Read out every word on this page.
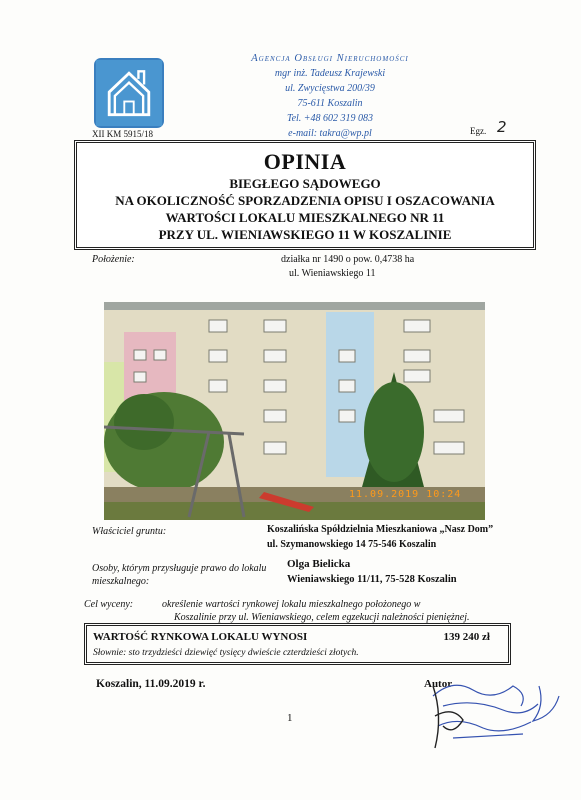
XII KM 5915/18
Agencja Obsługi Nieruchomości
mgr inż. Tadeusz Krajewski
ul. Zwycięstwa 200/39
75-611 Koszalin
Tel. +48 602 319 083
e-mail: takra@wp.pl	Egz. 2
OPINIA
BIEGŁEGO SĄDOWEGO
NA OKOLICZNOŚĆ SPORZADZENIA OPISU I OSZACOWANIA
WARTOŚCI LOKALU MIESZKALNEGO NR 11
PRZY UL. WIENIAWSKIEGO 11 W KOSZALINIE
Położenie:	działka nr 1490 o pow. 0,4738 ha
ul. Wieniawskiego 11
11.09.2019 10:24
Właściciel gruntu:	Koszalińska Spółdzielnia Mieszkaniowa „Nasz Dom”
ul. Szymanowskiego 14 75-546 Koszalin
Osoby, którym przysługuje prawo do lokalu
mieszkalnego:
Olga Bielicka
Wieniawskiego 11/11, 75-528 Koszalin
Cel wyceny:	określenie wartości rynkowej lokalu mieszkalnego położonego w
Koszalinie przy ul. Wieniawskiego, celem egzekucji należności pieniężnej.
WARTOŚĆ RYNKOWA LOKALU WYNOSI	139 240 zł
Słownie: sto trzydzieści dziewięć tysięcy dwieście czterdzieści złotych.
Koszalin, 11.09.2019 r.	Autor
1
